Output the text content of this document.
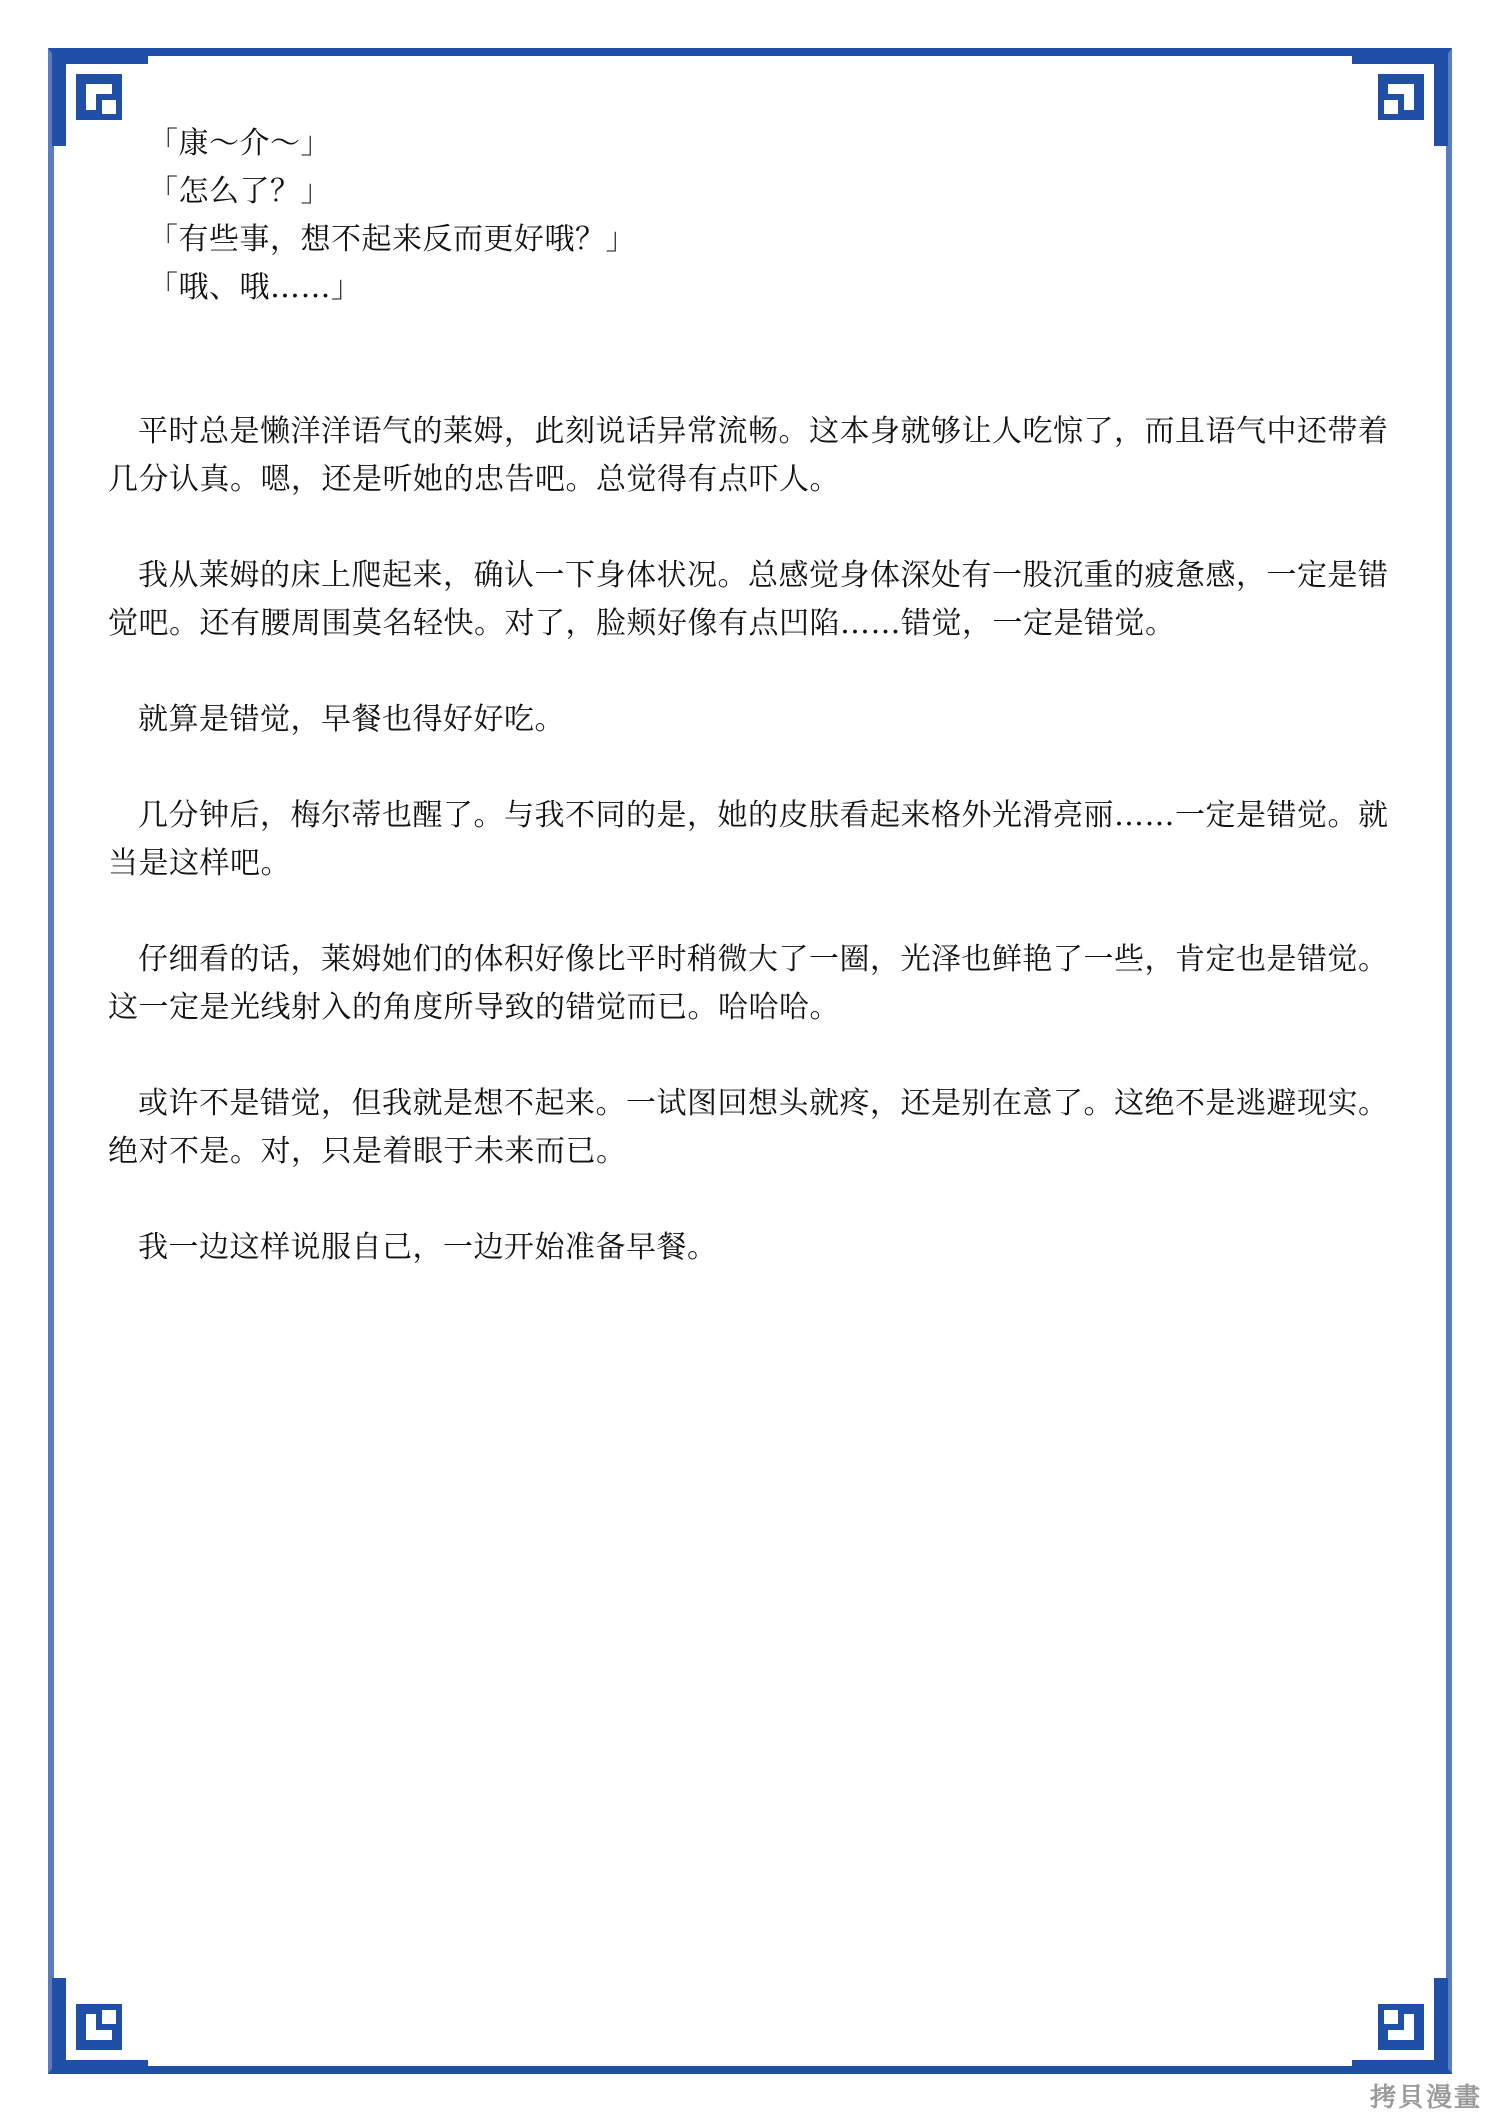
「康～介～」

「怎么了？」

「有些事，想不起来反而更好哦？」

「哦、哦……」

平时总是懒洋洋语气的莱姆，此刻说话异常流畅。这本身就够让人吃惊了，而且语气中还带着几分认真。嗯，还是听她的忠告吧。总觉得有点吓人。

我从莱姆的床上爬起来，确认一下身体状况。总感觉身体深处有一股沉重的疲惫感，一定是错觉吧。还有腰周围莫名轻快。对了，脸颊好像有点凹陷……错觉，一定是错觉。

就算是错觉，早餐也得好好吃。

几分钟后，梅尔蒂也醒了。与我不同的是，她的皮肤看起来格外光滑亮丽……一定是错觉。就当是这样吧。

仔细看的话，莱姆她们的体积好像比平时稍微大了一圈，光泽也鲜艳了一些，肯定也是错觉。这一定是光线射入的角度所导致的错觉而已。哈哈哈。

或许不是错觉，但我就是想不起来。一试图回想头就疼，还是别在意了。这绝不是逃避现实。绝对不是。对，只是着眼于未来而已。

我一边这样说服自己，一边开始准备早餐。

拷貝漫畫
